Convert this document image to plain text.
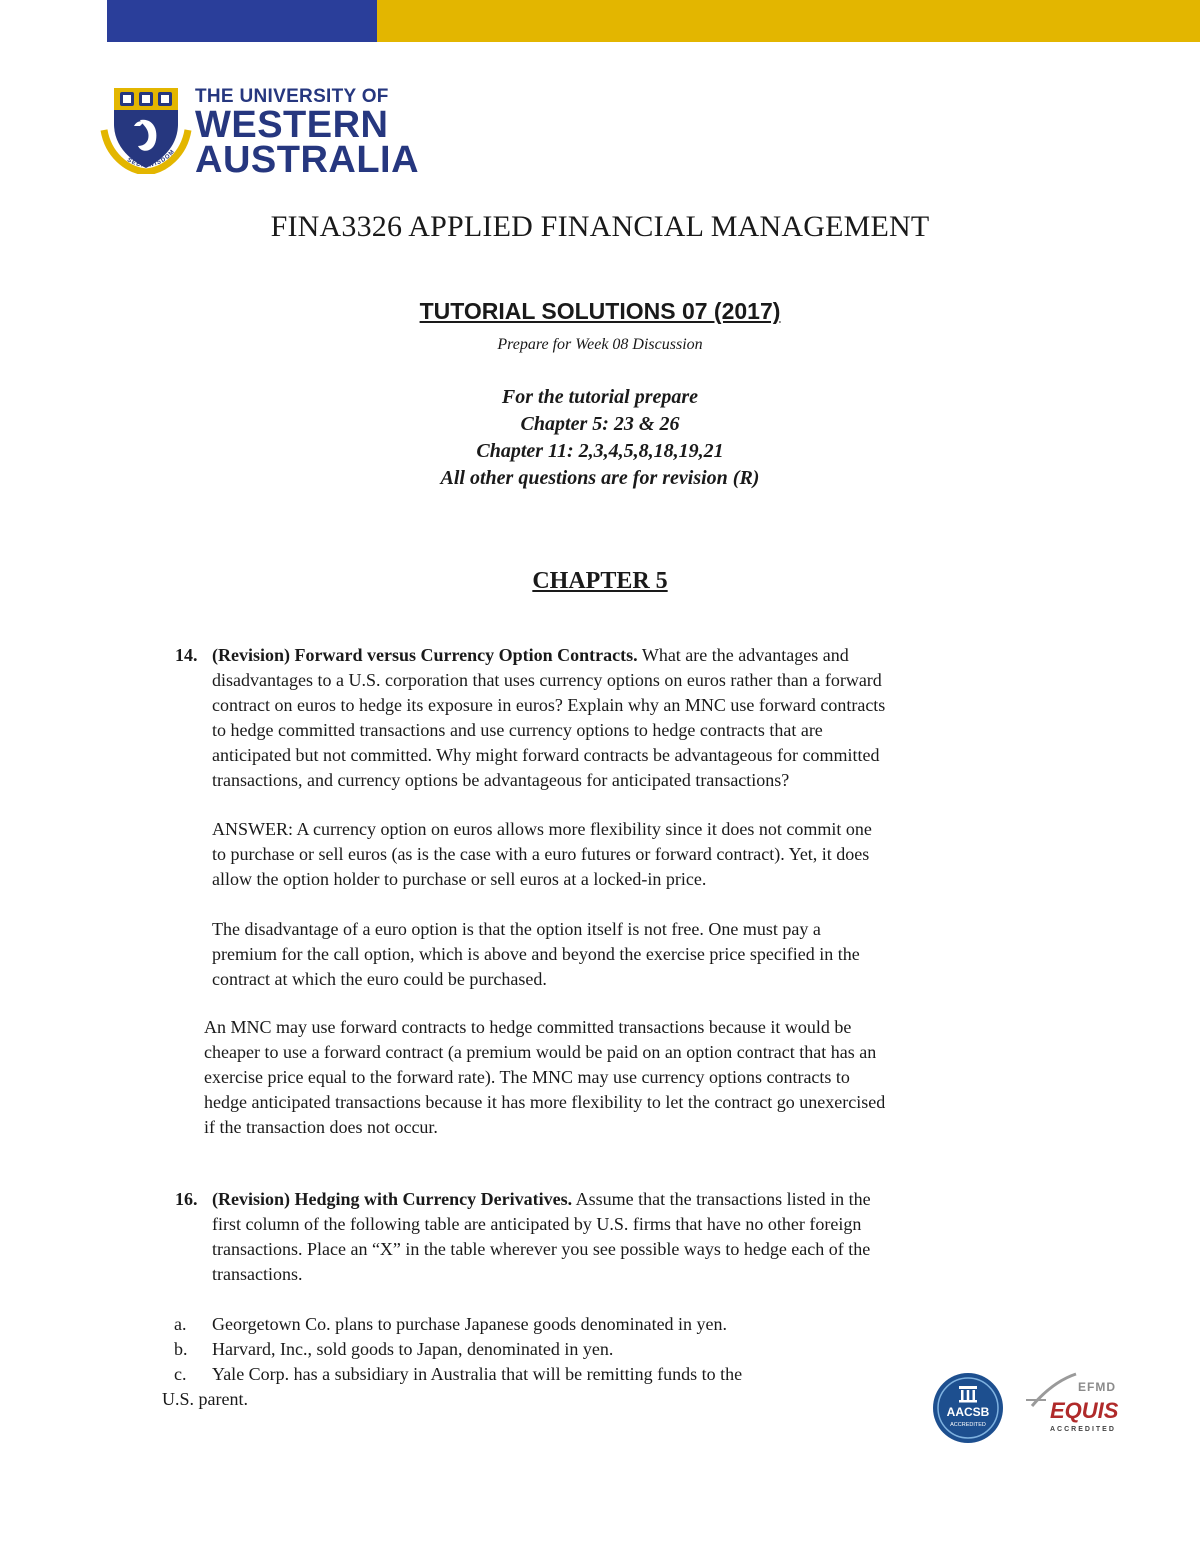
SEEK WISDOM
THE UNIVERSITY OF
WESTERN
AUSTRALIA
FINA3326 APPLIED FINANCIAL MANAGEMENT
TUTORIAL SOLUTIONS 07 (2017)
Prepare for Week 08 Discussion
For the tutorial prepare
Chapter 5: 23 & 26
Chapter 11: 2,3,4,5,8,18,19,21
All other questions are for revision (R)
CHAPTER 5
14. (Revision) Forward versus Currency Option Contracts. What are the advantages and
disadvantages to a U.S. corporation that uses currency options on euros rather than a forward
contract on euros to hedge its exposure in euros? Explain why an MNC use forward contracts
to hedge committed transactions and use currency options to hedge contracts that are
anticipated but not committed. Why might forward contracts be advantageous for committed
transactions, and currency options be advantageous for anticipated transactions?

ANSWER: A currency option on euros allows more flexibility since it does not commit one

to purchase or sell euros (as is the case with a euro futures or forward contract). Yet, it does

allow the option holder to purchase or sell euros at a locked-in price.

The disadvantage of a euro option is that the option itself is not free. One must pay a

premium for the call option, which is above and beyond the exercise price specified in the

contract at which the euro could be purchased.

An MNC may use forward contracts to hedge committed transactions because it would be

cheaper to use a forward contract (a premium would be paid on an option contract that has an

exercise price equal to the forward rate). The MNC may use currency options contracts to

hedge anticipated transactions because it has more flexibility to let the contract go unexercised

if the transaction does not occur.

16. (Revision) Hedging with Currency Derivatives. Assume that the transactions listed in the
first column of the following table are anticipated by U.S. firms that have no other foreign
transactions. Place an “X” in the table wherever you see possible ways to hedge each of the
transactions.
a. Georgetown Co. plans to purchase Japanese goods denominated in yen.
b. Harvard, Inc., sold goods to Japan, denominated in yen.
c. Yale Corp. has a subsidiary in Australia that will be remitting funds to the
U.S. parent.
AACSB
ACCREDITED
EFMD
EQUIS
ACCREDITED
